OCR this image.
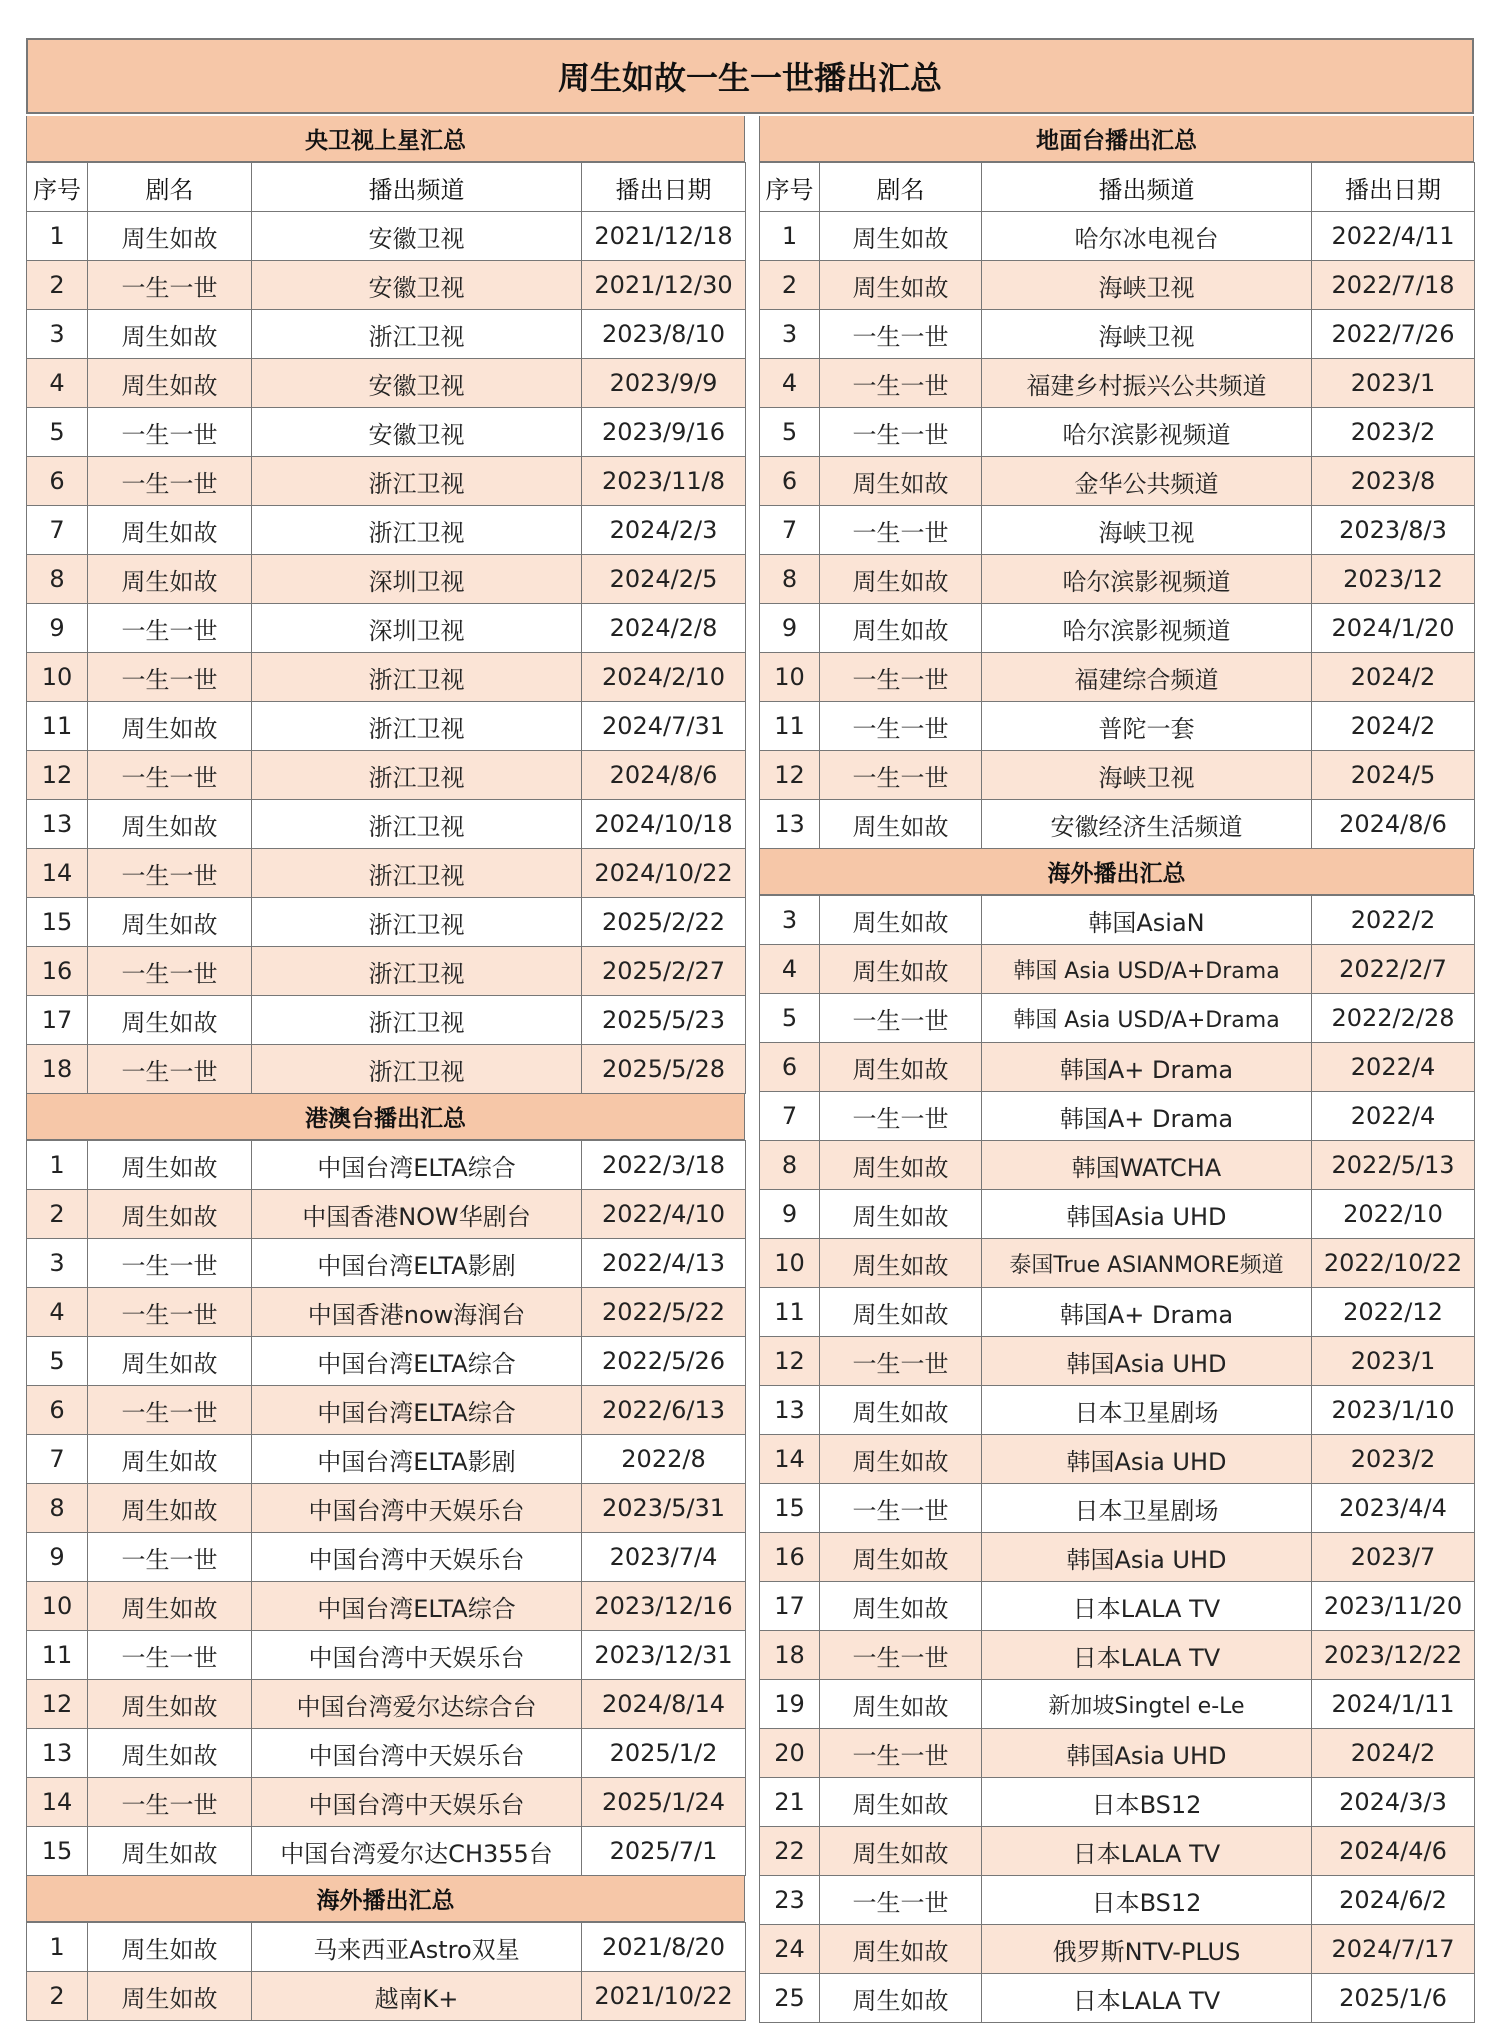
周生如故一生一世播出汇总
央卫视上星汇总
序号	剧名	播出频道	播出日期
1	周生如故	安徽卫视	2021/12/18
2	一生一世	安徽卫视	2021/12/30
3	周生如故	浙江卫视	2023/8/10
4	周生如故	安徽卫视	2023/9/9
5	一生一世	安徽卫视	2023/9/16
6	一生一世	浙江卫视	2023/11/8
7	周生如故	浙江卫视	2024/2/3
8	周生如故	深圳卫视	2024/2/5
9	一生一世	深圳卫视	2024/2/8
10	一生一世	浙江卫视	2024/2/10
11	周生如故	浙江卫视	2024/7/31
12	一生一世	浙江卫视	2024/8/6
13	周生如故	浙江卫视	2024/10/18
14	一生一世	浙江卫视	2024/10/22
15	周生如故	浙江卫视	2025/2/22
16	一生一世	浙江卫视	2025/2/27
17	周生如故	浙江卫视	2025/5/23
18	一生一世	浙江卫视	2025/5/28
港澳台播出汇总
1	周生如故	中国台湾ELTA综合	2022/3/18
2	周生如故	中国香港NOW华剧台	2022/4/10
3	一生一世	中国台湾ELTA影剧	2022/4/13
4	一生一世	中国香港now海润台	2022/5/22
5	周生如故	中国台湾ELTA综合	2022/5/26
6	一生一世	中国台湾ELTA综合	2022/6/13
7	周生如故	中国台湾ELTA影剧	2022/8
8	周生如故	中国台湾中天娱乐台	2023/5/31
9	一生一世	中国台湾中天娱乐台	2023/7/4
10	周生如故	中国台湾ELTA综合	2023/12/16
11	一生一世	中国台湾中天娱乐台	2023/12/31
12	周生如故	中国台湾爱尔达综合台	2024/8/14
13	周生如故	中国台湾中天娱乐台	2025/1/2
14	一生一世	中国台湾中天娱乐台	2025/1/24
15	周生如故	中国台湾爱尔达CH355台	2025/7/1
海外播出汇总
1	周生如故	马来西亚Astro双星	2021/8/20
2	周生如故	越南K+	2021/10/22
地面台播出汇总
序号	剧名	播出频道	播出日期
1	周生如故	哈尔冰电视台	2022/4/11
2	周生如故	海峡卫视	2022/7/18
3	一生一世	海峡卫视	2022/7/26
4	一生一世	福建乡村振兴公共频道	2023/1
5	一生一世	哈尔滨影视频道	2023/2
6	周生如故	金华公共频道	2023/8
7	一生一世	海峡卫视	2023/8/3
8	周生如故	哈尔滨影视频道	2023/12
9	周生如故	哈尔滨影视频道	2024/1/20
10	一生一世	福建综合频道	2024/2
11	一生一世	普陀一套	2024/2
12	一生一世	海峡卫视	2024/5
13	周生如故	安徽经济生活频道	2024/8/6
海外播出汇总
3	周生如故	韩国AsiaN	2022/2
4	周生如故	韩国 Asia USD/A+Drama	2022/2/7
5	一生一世	韩国 Asia USD/A+Drama	2022/2/28
6	周生如故	韩国A+ Drama	2022/4
7	一生一世	韩国A+ Drama	2022/4
8	周生如故	韩国WATCHA	2022/5/13
9	周生如故	韩国Asia UHD	2022/10
10	周生如故	泰国True ASIANMORE频道	2022/10/22
11	周生如故	韩国A+ Drama	2022/12
12	一生一世	韩国Asia UHD	2023/1
13	周生如故	日本卫星剧场	2023/1/10
14	周生如故	韩国Asia UHD	2023/2
15	一生一世	日本卫星剧场	2023/4/4
16	周生如故	韩国Asia UHD	2023/7
17	周生如故	日本LALA TV	2023/11/20
18	一生一世	日本LALA TV	2023/12/22
19	周生如故	新加坡Singtel e-Le	2024/1/11
20	一生一世	韩国Asia UHD	2024/2
21	周生如故	日本BS12	2024/3/3
22	周生如故	日本LALA TV	2024/4/6
23	一生一世	日本BS12	2024/6/2
24	周生如故	俄罗斯NTV-PLUS	2024/7/17
25	周生如故	日本LALA TV	2025/1/6
